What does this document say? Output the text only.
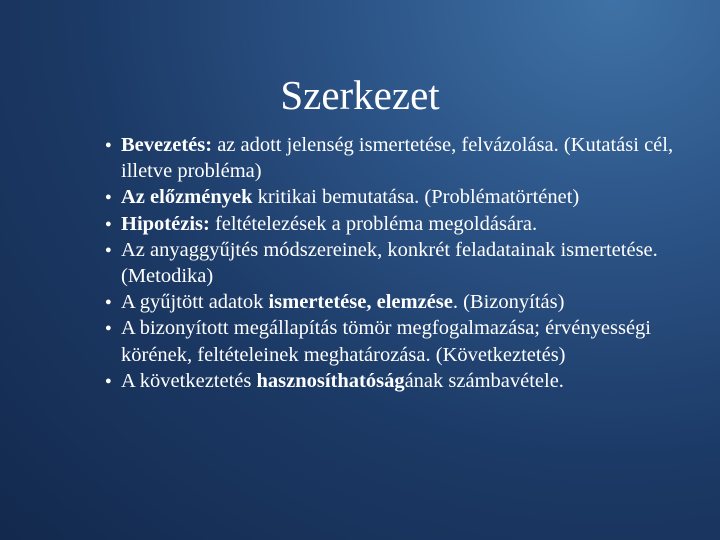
Szerkezet
● Bevezetés: az adott jelenség ismertetése, felvázolása. (Kutatási cél, illetve probléma)
● Az előzmények kritikai bemutatása. (Problématörténet)
● Hipotézis: feltételezések a probléma megoldására.
● Az anyaggyűjtés módszereinek, konkrét feladatainak ismertetése. (Metodika)
● A gyűjtött adatok ismertetése, elemzése. (Bizonyítás)
● A bizonyított megállapítás tömör megfogalmazása; érvényességi körének, feltételeinek meghatározása. (Következtetés)
● A következtetés hasznosíthatóságának számbavétele.
